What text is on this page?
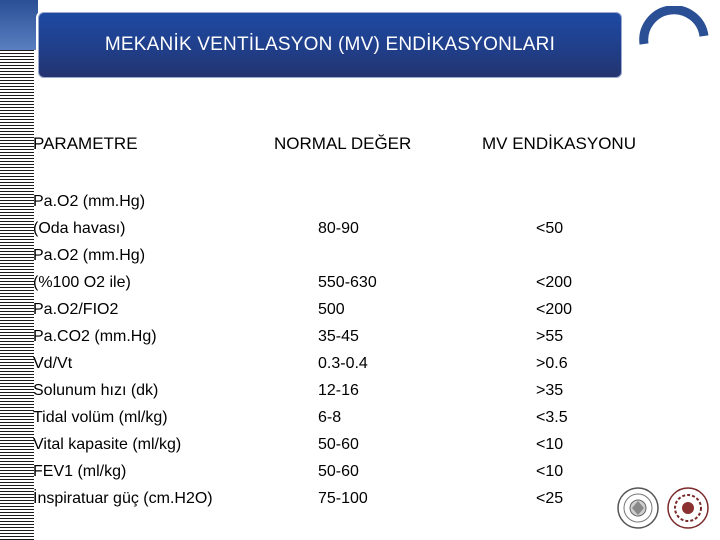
MEKANİK VENTİLASYON (MV) ENDİKASYONLARI
PARAMETRE	NORMAL DEĞER	MV ENDİKASYONU
Pa.O2 (mm.Hg)
(Oda havası)
Pa.O2 (mm.Hg)
(%100 O2 ile)
Pa.O2/FIO2
Pa.CO2 (mm.Hg)
Vd/Vt
Solunum hızı (dk)
Tidal volüm (ml/kg)
Vital kapasite (ml/kg)
FEV1 (ml/kg)
İnspiratuar güç (cm.H2O)
80-90
550-630
500
35-45
0.3-0.4
12-16
6-8
50-60
50-60
75-100
<50
<200
<200
>55
>0.6
>35
<3.5
<10
<10
<25
